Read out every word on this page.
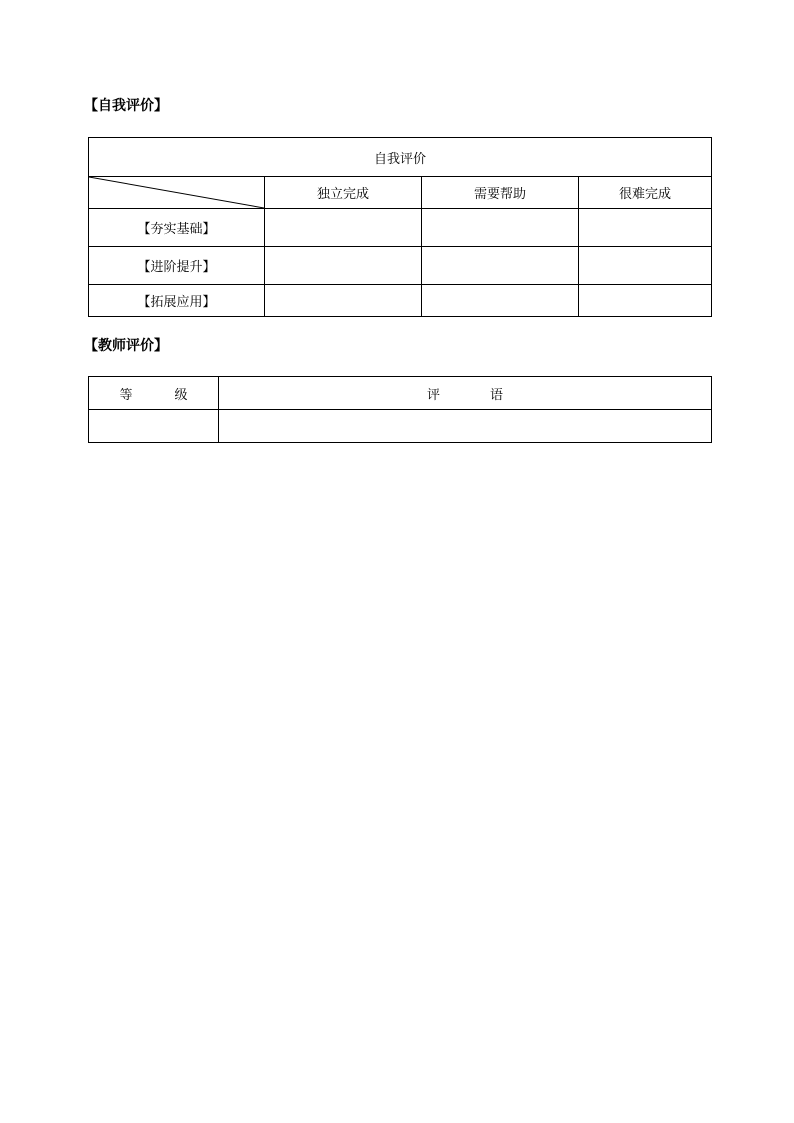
【自我评价】
自我评价			

	独立完成	需要帮助	很难完成
【夯实基础】			
【进阶提升】			
【拓展应用】			
【教师评价】
等 级	评 语
